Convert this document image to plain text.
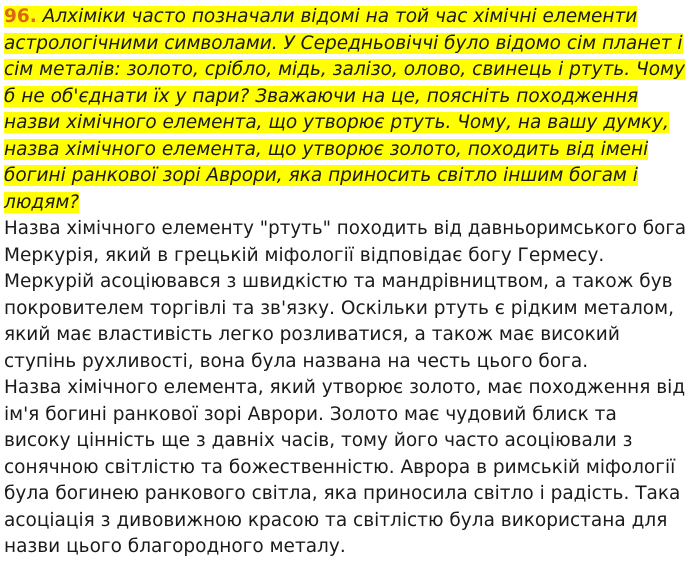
96. Алхіміки часто позначали відомі на той час хімічні елементи
астрологічними символами. У Середньовіччі було відомо сім планет і
сім металів: золото, срібло, мідь, залізо, олово, свинець і ртуть. Чому
б не об'єднати їх у пари? Зважаючи на це, поясніть походження
назви хімічного елемента, що утворює ртуть. Чому, на вашу думку,
назва хімічного елемента, що утворює золото, походить від імені
богині ранкової зорі Аврори, яка приносить світло іншим богам і
людям?
Назва хімічного елементу "ртуть" походить від давньоримського бога
Меркурія, який в грецькій міфології відповідає богу Гермесу.
Меркурій асоціювався з швидкістю та мандрівництвом, а також був
покровителем торгівлі та зв'язку. Оскільки ртуть є рідким металом,
який має властивість легко розливатися, а також має високий
ступінь рухливості, вона була названа на честь цього бога.
Назва хімічного елемента, який утворює золото, має походження від
ім'я богині ранкової зорі Аврори. Золото має чудовий блиск та
високу цінність ще з давніх часів, тому його часто асоціювали з
сонячною світлістю та божественністю. Аврора в римській міфології
була богинею ранкового світла, яка приносила світло і радість. Така
асоціація з дивовижною красою та світлістю була використана для
назви цього благородного металу.
